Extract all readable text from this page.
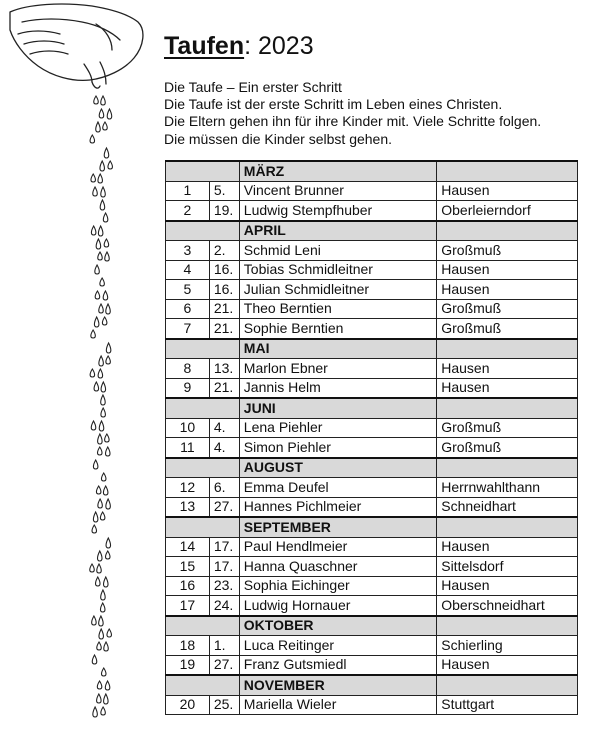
Taufen: 2023
Die Taufe – Ein erster Schritt
Die Taufe ist der erste Schritt im Leben eines Christen.
Die Eltern gehen ihn für ihre Kinder mit. Viele Schritte folgen.
Die müssen die Kinder selbst gehen.
		MÄRZ	
1	5.	Vincent Brunner	Hausen
2	19.	Ludwig Stempfhuber	Oberleierndorf
		APRIL	
3	2.	Schmid Leni	Großmuß
4	16.	Tobias Schmidleitner	Hausen
5	16.	Julian Schmidleitner	Hausen
6	21.	Theo Berntien	Großmuß
7	21.	Sophie Berntien	Großmuß
		MAI	
8	13.	Marlon Ebner	Hausen
9	21.	Jannis Helm	Hausen
		JUNI	
10	4.	Lena Piehler	Großmuß
11	4.	Simon Piehler	Großmuß
		AUGUST	
12	6.	Emma Deufel	Herrnwahlthann
13	27.	Hannes Pichlmeier	Schneidhart
		SEPTEMBER	
14	17.	Paul Hendlmeier	Hausen
15	17.	Hanna Quaschner	Sittelsdorf
16	23.	Sophia Eichinger	Hausen
17	24.	Ludwig Hornauer	Oberschneidhart
		OKTOBER	
18	1.	Luca Reitinger	Schierling
19	27.	Franz Gutsmiedl	Hausen
		NOVEMBER	
20	25.	Mariella Wieler	Stuttgart
